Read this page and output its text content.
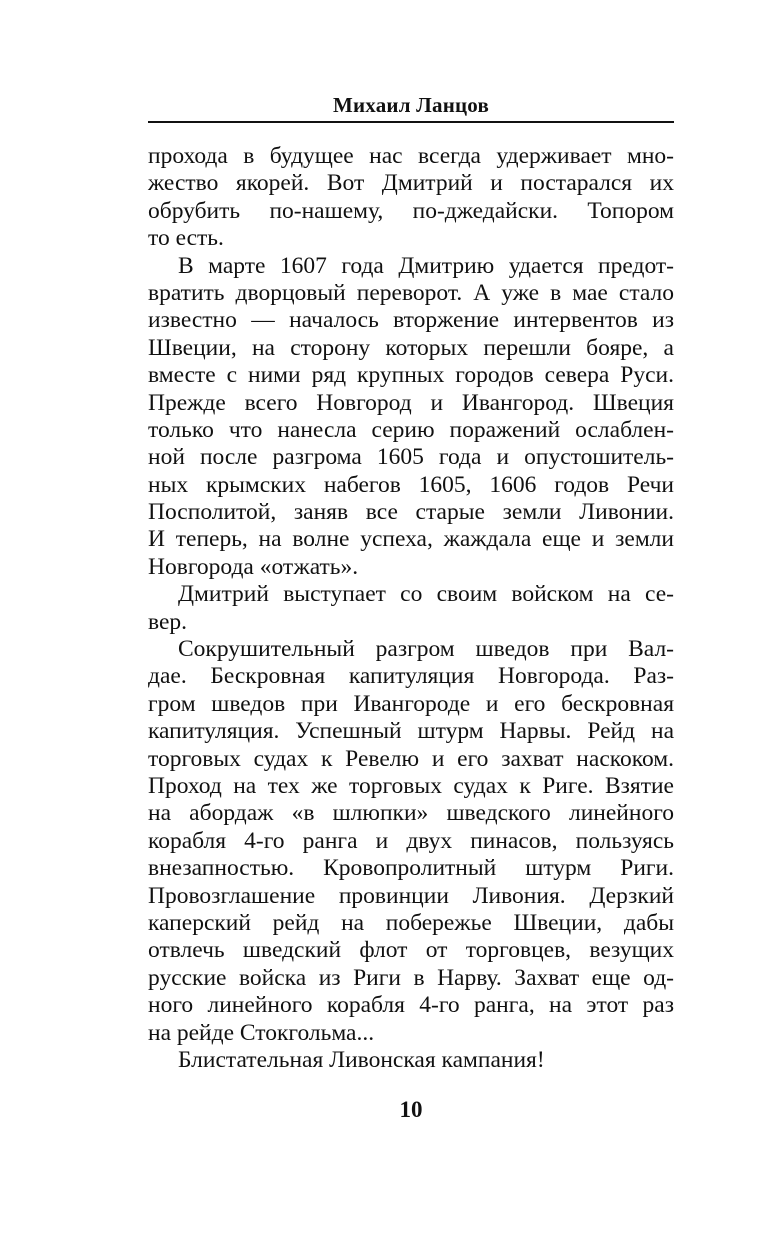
Михаил Ланцов
прохода в будущее нас всегда удерживает мно-
жество якорей. Вот Дмитрий и постарался их
обрубить по-нашему, по-джедайски. Топором
то есть.
В марте 1607 года Дмитрию удается предот-
вратить дворцовый переворот. А уже в мае стало
известно — началось вторжение интервентов из
Швеции, на сторону которых перешли бояре, а
вместе с ними ряд крупных городов севера Руси.
Прежде всего Новгород и Ивангород. Швеция
только что нанесла серию поражений ослаблен-
ной после разгрома 1605 года и опустошитель-
ных крымских набегов 1605, 1606 годов Речи
Посполитой, заняв все старые земли Ливонии.
И теперь, на волне успеха, жаждала еще и земли
Новгорода «отжать».
Дмитрий выступает со своим войском на се-
вер.
Сокрушительный разгром шведов при Вал-
дае. Бескровная капитуляция Новгорода. Раз-
гром шведов при Ивангороде и его бескровная
капитуляция. Успешный штурм Нарвы. Рейд на
торговых судах к Ревелю и его захват наскоком.
Проход на тех же торговых судах к Риге. Взятие
на абордаж «в шлюпки» шведского линейного
корабля 4-го ранга и двух пинасов, пользуясь
внезапностью. Кровопролитный штурм Риги.
Провозглашение провинции Ливония. Дерзкий
каперский рейд на побережье Швеции, дабы
отвлечь шведский флот от торговцев, везущих
русские войска из Риги в Нарву. Захват еще од-
ного линейного корабля 4-го ранга, на этот раз
на рейде Стокгольма...
Блистательная Ливонская кампания!
10
